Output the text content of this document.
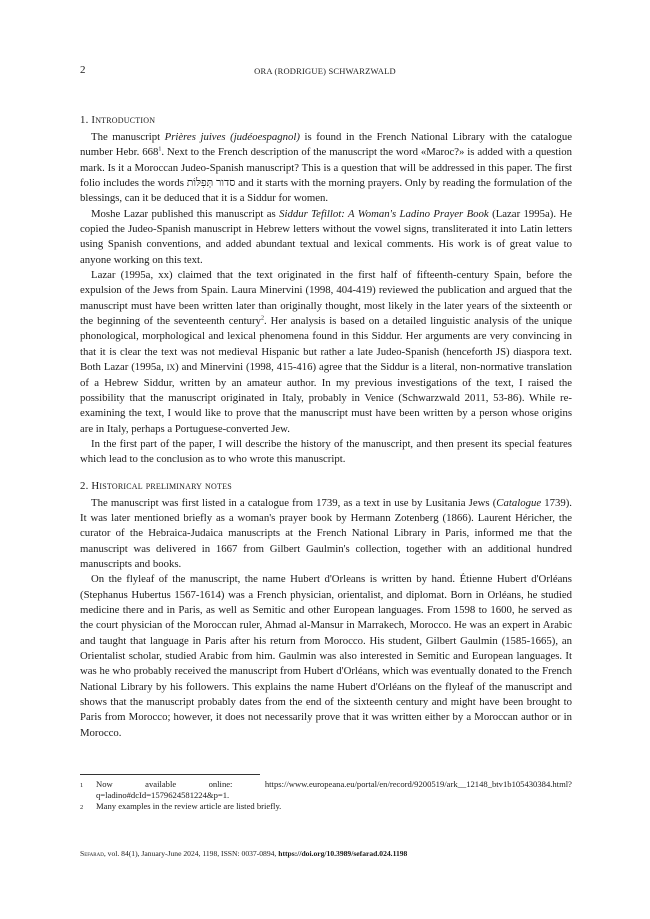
2	ORA (RODRIGUE) SCHWARZWALD
1. Introduction

The manuscript Prières juives (judéoespagnol) is found in the French National Library with the catalogue number Hebr. $668^1$. Next to the French description of the manuscript the word «Maroc?» is added with a question mark. Is it a Moroccan Judeo-Spanish manuscript? This is a question that will be addressed in this paper. The first folio includes the words סדור תְּפִלּוֹת and it starts with the morning prayers. Only by reading the formulation of the blessings, can it be deduced that it is a Siddur for women.

Moshe Lazar published this manuscript as Siddur Tefillot: A Woman's Ladino Prayer Book (Lazar 1995a). He copied the Judeo-Spanish manuscript in Hebrew letters without the vowel signs, transliterated it into Latin letters using Spanish conventions, and added abundant textual and lexical comments. His work is of great value to anyone working on this text.

Lazar (1995a, xx) claimed that the text originated in the first half of fifteenth-century Spain, before the expulsion of the Jews from Spain. Laura Minervini (1998, 404-419) reviewed the publication and argued that the manuscript must have been written later than originally thought, most likely in the later years of the sixteenth or the beginning of the seventeenth century$^2$. Her analysis is based on a detailed linguistic analysis of the unique phonological, morphological and lexical phenomena found in this Siddur. Her arguments are very convincing in that it is clear the text was not medieval Hispanic but rather a late Judeo-Spanish (henceforth JS) diaspora text. Both Lazar (1995a, ix) and Minervini (1998, 415-416) agree that the Siddur is a literal, non-normative translation of a Hebrew Siddur, written by an amateur author. In my previous investigations of the text, I raised the possibility that the manuscript originated in Italy, probably in Venice (Schwarzwald 2011, 53-86). While re-examining the text, I would like to prove that the manuscript must have been written by a person whose origins are in Italy, perhaps a Portuguese-converted Jew.

In the first part of the paper, I will describe the history of the manuscript, and then present its special features which lead to the conclusion as to who wrote this manuscript.

2. Historical preliminary notes

The manuscript was first listed in a catalogue from 1739, as a text in use by Lusitania Jews (Catalogue 1739). It was later mentioned briefly as a woman's prayer book by Hermann Zotenberg (1866). Laurent Héricher, the curator of the Hebraica-Judaica manuscripts at the French National Library in Paris, informed me that the manuscript was delivered in 1667 from Gilbert Gaulmin's collection, together with an additional hundred manuscripts and books.

On the flyleaf of the manuscript, the name Hubert d'Orleans is written by hand. Étienne Hubert d'Orléans (Stephanus Hubertus 1567-1614) was a French physician, orientalist, and diplomat. Born in Orléans, he studied medicine there and in Paris, as well as Semitic and other European languages. From 1598 to 1600, he served as the court physician of the Moroccan ruler, Ahmad al-Mansur in Marrakech, Morocco. He was an expert in Arabic and taught that language in Paris after his return from Morocco. His student, Gilbert Gaulmin (1585-1665), an Orientalist scholar, studied Arabic from him. Gaulmin was also interested in Semitic and European languages. It was he who probably received the manuscript from Hubert d'Orléans, which was eventually donated to the French National Library by his followers. This explains the name Hubert d'Orléans on the flyleaf of the manuscript and shows that the manuscript probably dates from the end of the sixteenth century and might have been brought to Paris from Morocco; however, it does not necessarily prove that it was written either by a Moroccan author or in Morocco.

1	Now	available	online:	https://www.europeana.eu/portal/en/record/9200519/ark__12148_btv1b105430384.html?
q=ladino#dcId=1579624581224&p=1.
2	Many examples in the review article are listed briefly.
Sefarad, vol. 84(1), January-June 2024, 1198, ISSN: 0037-0894, https://doi.org/10.3989/sefarad.024.1198
